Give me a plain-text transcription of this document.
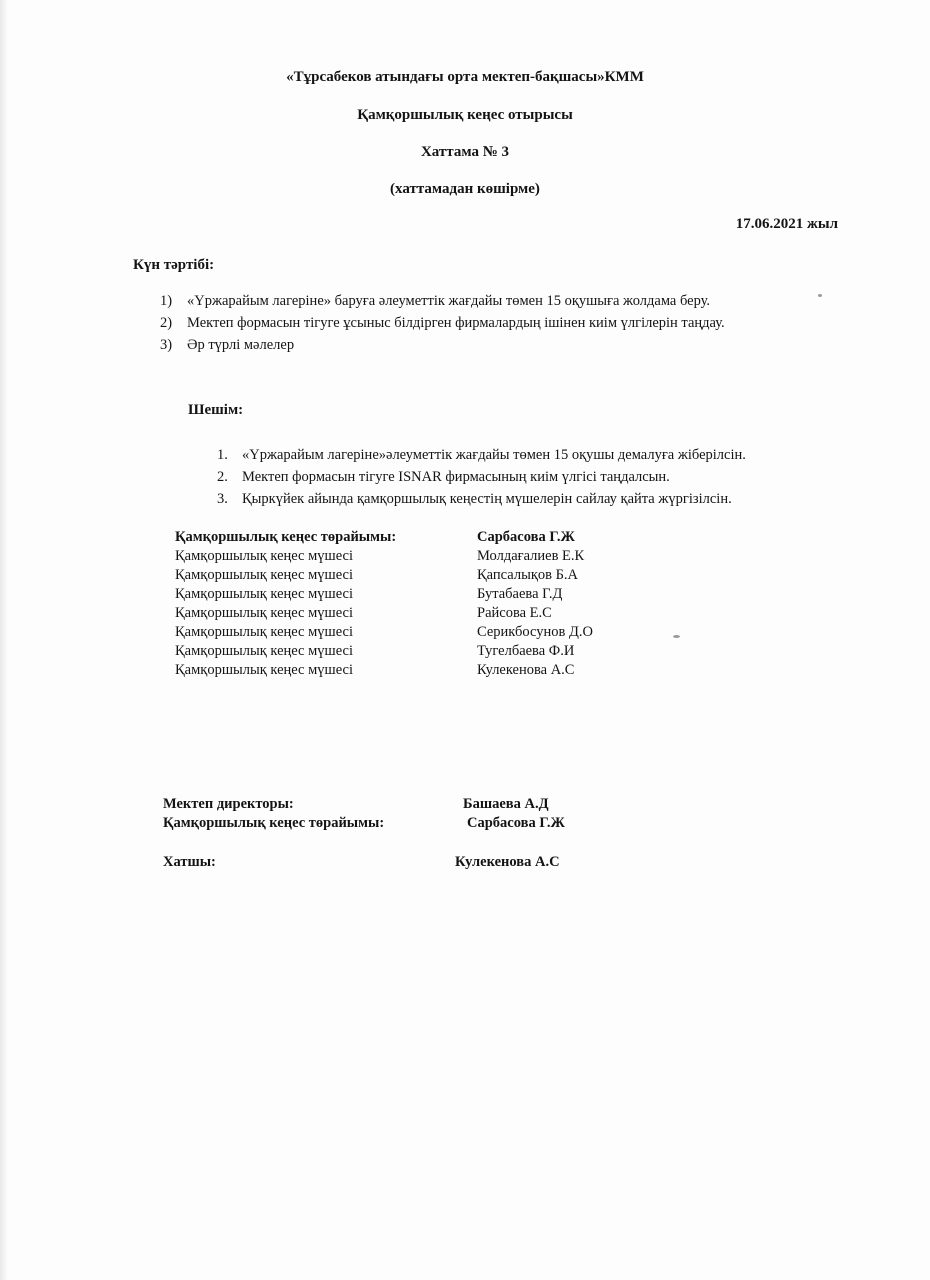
«Тұрсабеков атындағы орта мектеп-бақшасы»КММ
Қамқоршылық кеңес отырысы
Хаттама № 3
(хаттамадан көшірме)
17.06.2021 жыл
Күн тәртібі:
1)	«Үржарайым лагеріне» баруға әлеуметтік жағдайы төмен 15 оқушыға жолдама беру.
2)	Мектеп формасын тігуге ұсыныс білдірген фирмалардың ішінен киім үлгілерін таңдау.
3)	Әр түрлі мәлелер
Шешім:
1. «Үржарайым лагеріне»әлеуметтік жағдайы төмен 15 оқушы демалуға жіберілсін.
2. Мектеп формасын тігуге ISNAR фирмасының киім үлгісі таңдалсын.
3. Қыркүйек айында қамқоршылық кеңестің мүшелерін сайлау қайта жүргізілсін.
Қамқоршылық кеңес төрайымы:	Сарбасова Г.Ж
Қамқоршылық кеңес мүшесі	Молдағалиев Е.К
Қамқоршылық кеңес мүшесі	Қапсалықов Б.А
Қамқоршылық кеңес мүшесі	Бутабаева Г.Д
Қамқоршылық кеңес мүшесі	Райсова Е.С
Қамқоршылық кеңес мүшесі	Серикбосунов Д.О
Қамқоршылық кеңес мүшесі	Тугелбаева Ф.И
Қамқоршылық кеңес мүшесі	Кулекенова А.С
Мектеп директоры:	Башаева А.Д
Қамқоршылық кеңес төрайымы:	Сарбасова Г.Ж
Хатшы:	Кулекенова А.С
